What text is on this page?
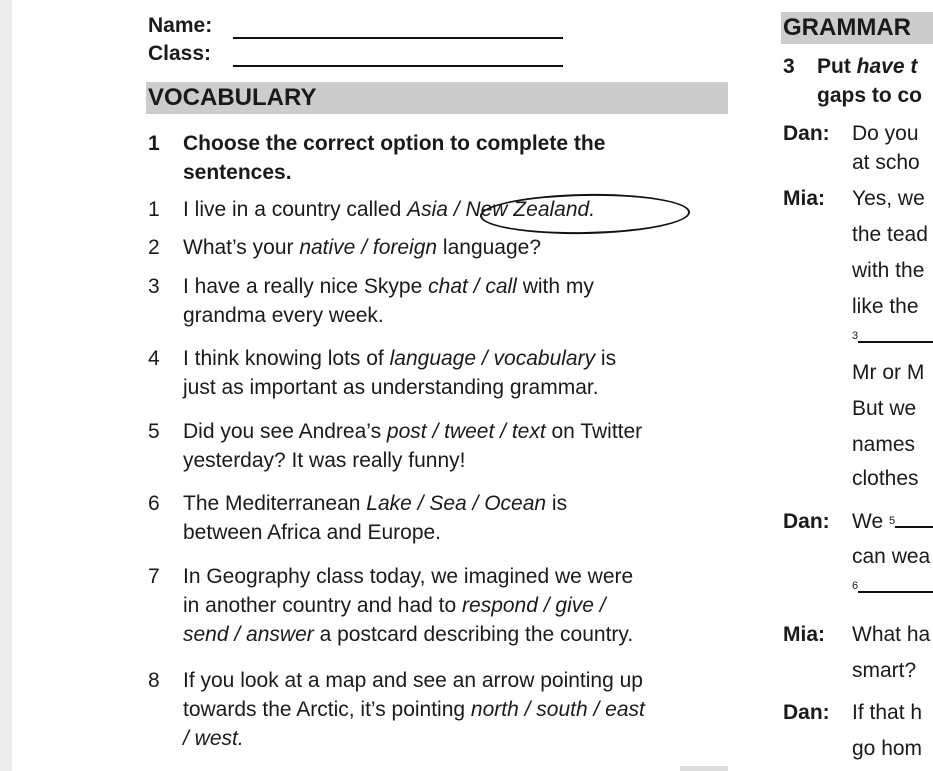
Name:
Class:
VOCABULARY
1 Choose the correct option to complete the
sentences.
1 I live in a country called Asia / New Zealand.
2 What’s your native / foreign language?
3 I have a really nice Skype chat / call with my
grandma every week.
4 I think knowing lots of language / vocabulary is
just as important as understanding grammar.
5 Did you see Andrea’s post / tweet / text on Twitter
yesterday? It was really funny!
6 The Mediterranean Lake / Sea / Ocean is
between Africa and Europe.
7 In Geography class today, we imagined we were
in another country and had to respond / give /
send / answer a postcard describing the country.
8 If you look at a map and see an arrow pointing up
towards the Arctic, it’s pointing north / south / east
/ west.
GRAMMAR
3 Put have t
gaps to co
Dan: Do you
at scho
Mia: Yes, we
the tead
with the
like the
$^3$
Mr or M
But we
names
clothes
Dan: We $^5$
can wea
$^6$
Mia: What ha
smart?
Dan: If that h
go hom
